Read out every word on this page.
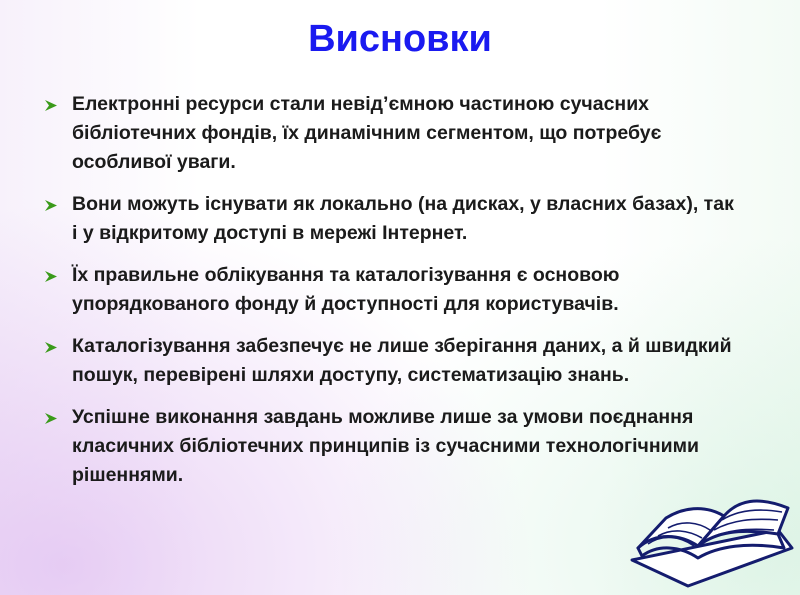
Висновки
Електронні ресурси стали невід’ємною частиною сучасних бібліотечних фондів, їх динамічним сегментом, що потребує особливої уваги.
Вони можуть існувати як локально (на дисках, у власних базах), так і у відкритому доступі в мережі Інтернет.
Їх правильне облікування та каталогізування є основою упорядкованого фонду й доступності для користувачів.
Каталогізування забезпечує не лише зберігання даних, а й швидкий пошук, перевірені шляхи доступу, систематизацію знань.
Успішне виконання завдань можливе лише за умови поєднання класичних бібліотечних принципів із сучасними технологічними рішеннями.
